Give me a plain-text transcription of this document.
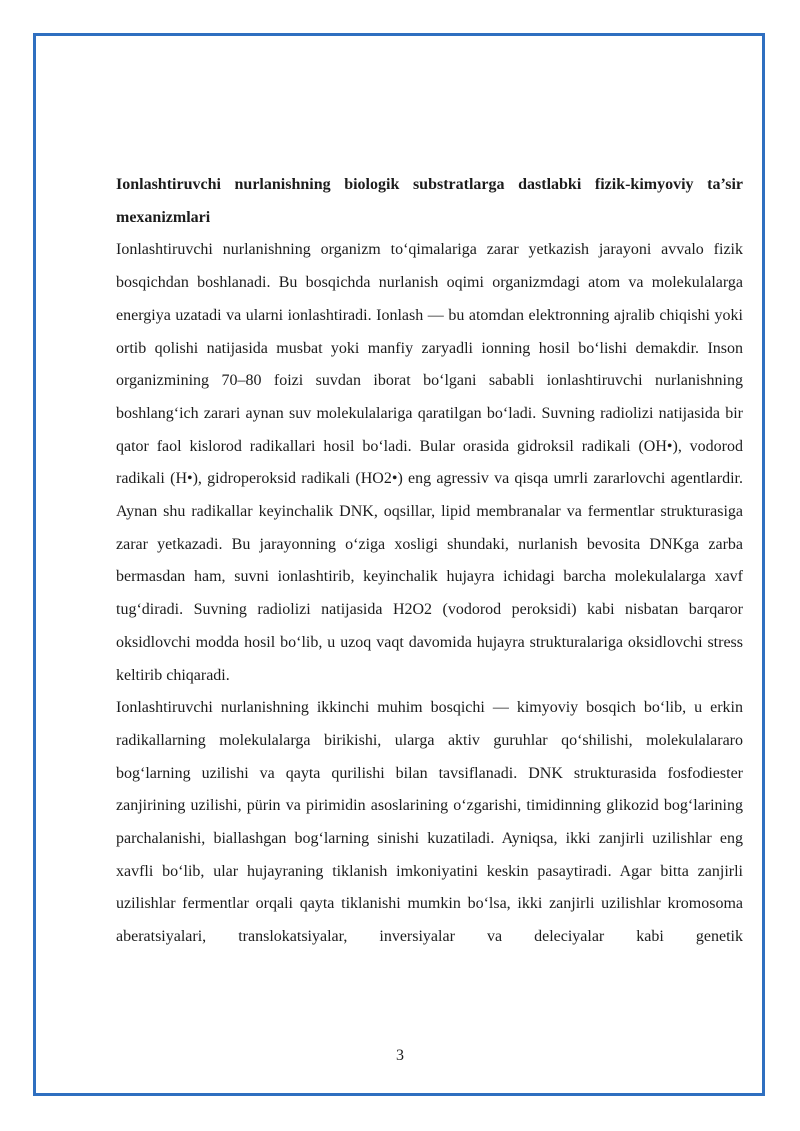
Ionlashtiruvchi nurlanishning biologik substratlarga dastlabki fizik-kimyoviy ta’sir mexanizmlari

Ionlashtiruvchi nurlanishning organizm to‘qimalariga zarar yetkazish jarayoni avvalo fizik bosqichdan boshlanadi. Bu bosqichda nurlanish oqimi organizmdagi atom va molekulalarga energiya uzatadi va ularni ionlashtiradi. Ionlash — bu atomdan elektronning ajralib chiqishi yoki ortib qolishi natijasida musbat yoki manfiy zaryadli ionning hosil bo‘lishi demakdir. Inson organizmining 70–80 foizi suvdan iborat bo‘lgani sababli ionlashtiruvchi nurlanishning boshlang‘ich zarari aynan suv molekulalariga qaratilgan bo‘ladi. Suvning radiolizi natijasida bir qator faol kislorod radikallari hosil bo‘ladi. Bular orasida gidroksil radikali (OH•), vodorod radikali (H•), gidroperoksid radikali (HO2•) eng agressiv va qisqa umrli zararlovchi agentlardir. Aynan shu radikallar keyinchalik DNK, oqsillar, lipid membranalar va fermentlar strukturasiga zarar yetkazadi. Bu jarayonning o‘ziga xosligi shundaki, nurlanish bevosita DNKga zarba bermasdan ham, suvni ionlashtirib, keyinchalik hujayra ichidagi barcha molekulalarga xavf tug‘diradi. Suvning radiolizi natijasida H2O2 (vodorod peroksidi) kabi nisbatan barqaror oksidlovchi modda hosil bo‘lib, u uzoq vaqt davomida hujayra strukturalariga oksidlovchi stress keltirib chiqaradi.

Ionlashtiruvchi nurlanishning ikkinchi muhim bosqichi — kimyoviy bosqich bo‘lib, u erkin radikallarning molekulalarga birikishi, ularga aktiv guruhlar qo‘shilishi, molekulalararo bog‘larning uzilishi va qayta qurilishi bilan tavsiflanadi. DNK strukturasida fosfodiester zanjirining uzilishi, pürin va pirimidin asoslarining o‘zgarishi, timidinning glikozid bog‘larining parchalanishi, biallashgan bog‘larning sinishi kuzatiladi. Ayniqsa, ikki zanjirli uzilishlar eng xavfli bo‘lib, ular hujayraning tiklanish imkoniyatini keskin pasaytiradi. Agar bitta zanjirli uzilishlar fermentlar orqali qayta tiklanishi mumkin bo‘lsa, ikki zanjirli uzilishlar kromosoma aberatsiyalari, translokatsiyalar, inversiyalar va deleciyalar kabi genetik

3
